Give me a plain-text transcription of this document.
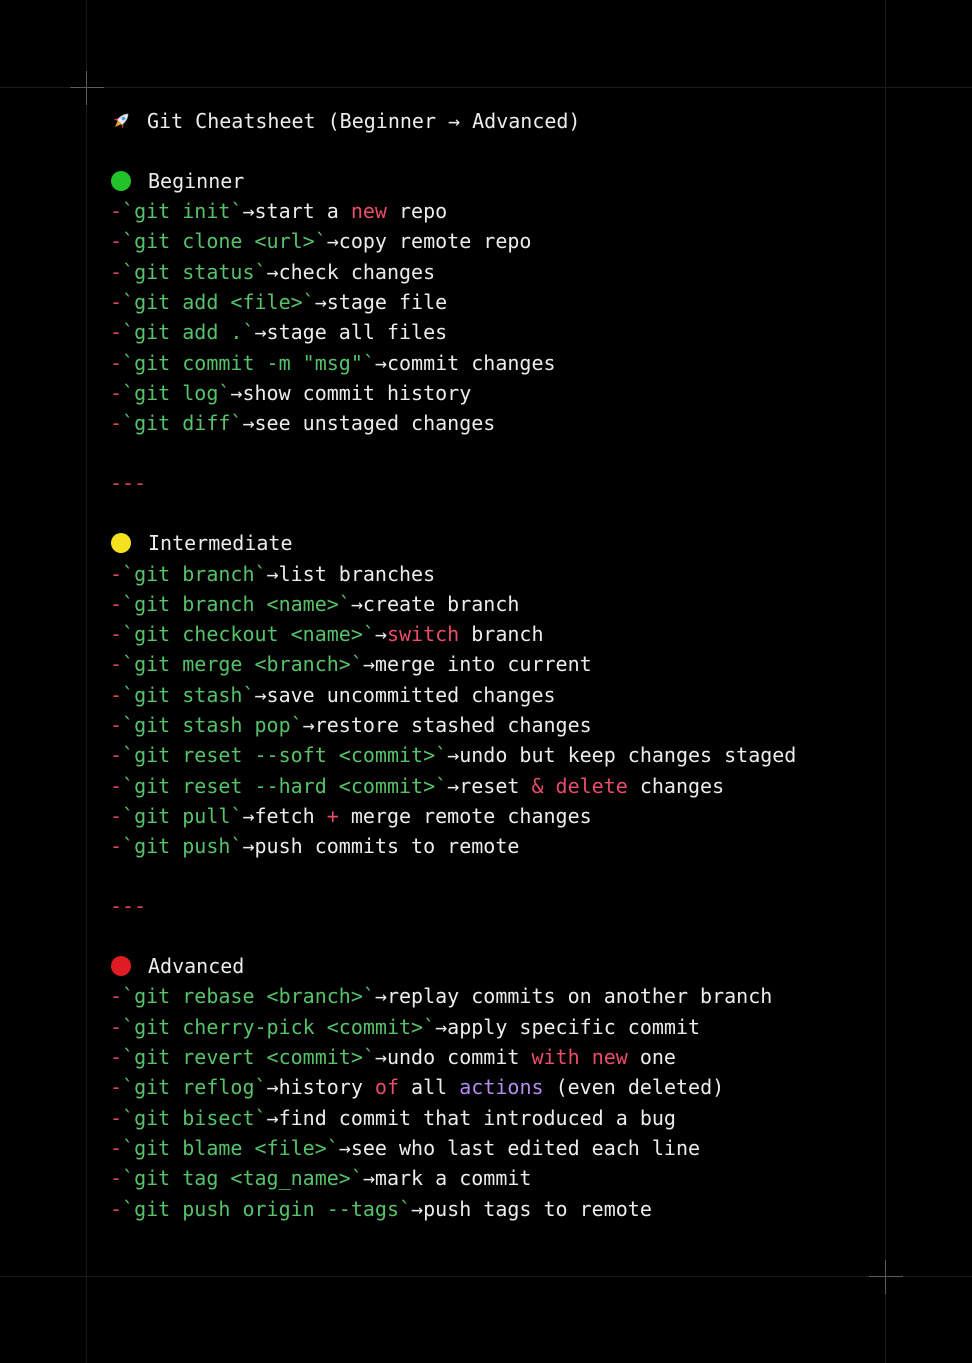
Git Cheatsheet (Beginner → Advanced)
Beginner
- `git init` → start a new repo
- `git clone <url>` → copy remote repo
- `git status` → check changes
- `git add <file>` → stage file
- `git add .` → stage all files
- `git commit -m "msg"` → commit changes
- `git log` → show commit history
- `git diff` → see unstaged changes
---
Intermediate
- `git branch` → list branches
- `git branch <name>` → create branch
- `git checkout <name>` → switch branch
- `git merge <branch>` → merge into current
- `git stash` → save uncommitted changes
- `git stash pop` → restore stashed changes
- `git reset --soft <commit>` → undo but keep changes staged
- `git reset --hard <commit>` → reset & delete changes
- `git pull` → fetch + merge remote changes
- `git push` → push commits to remote
---
Advanced
- `git rebase <branch>` → replay commits on another branch
- `git cherry-pick <commit>` → apply specific commit
- `git revert <commit>` → undo commit with new one
- `git reflog` → history of all actions (even deleted)
- `git bisect` → find commit that introduced a bug
- `git blame <file>` → see who last edited each line
- `git tag <tag_name>` → mark a commit
- `git push origin --tags` → push tags to remote
